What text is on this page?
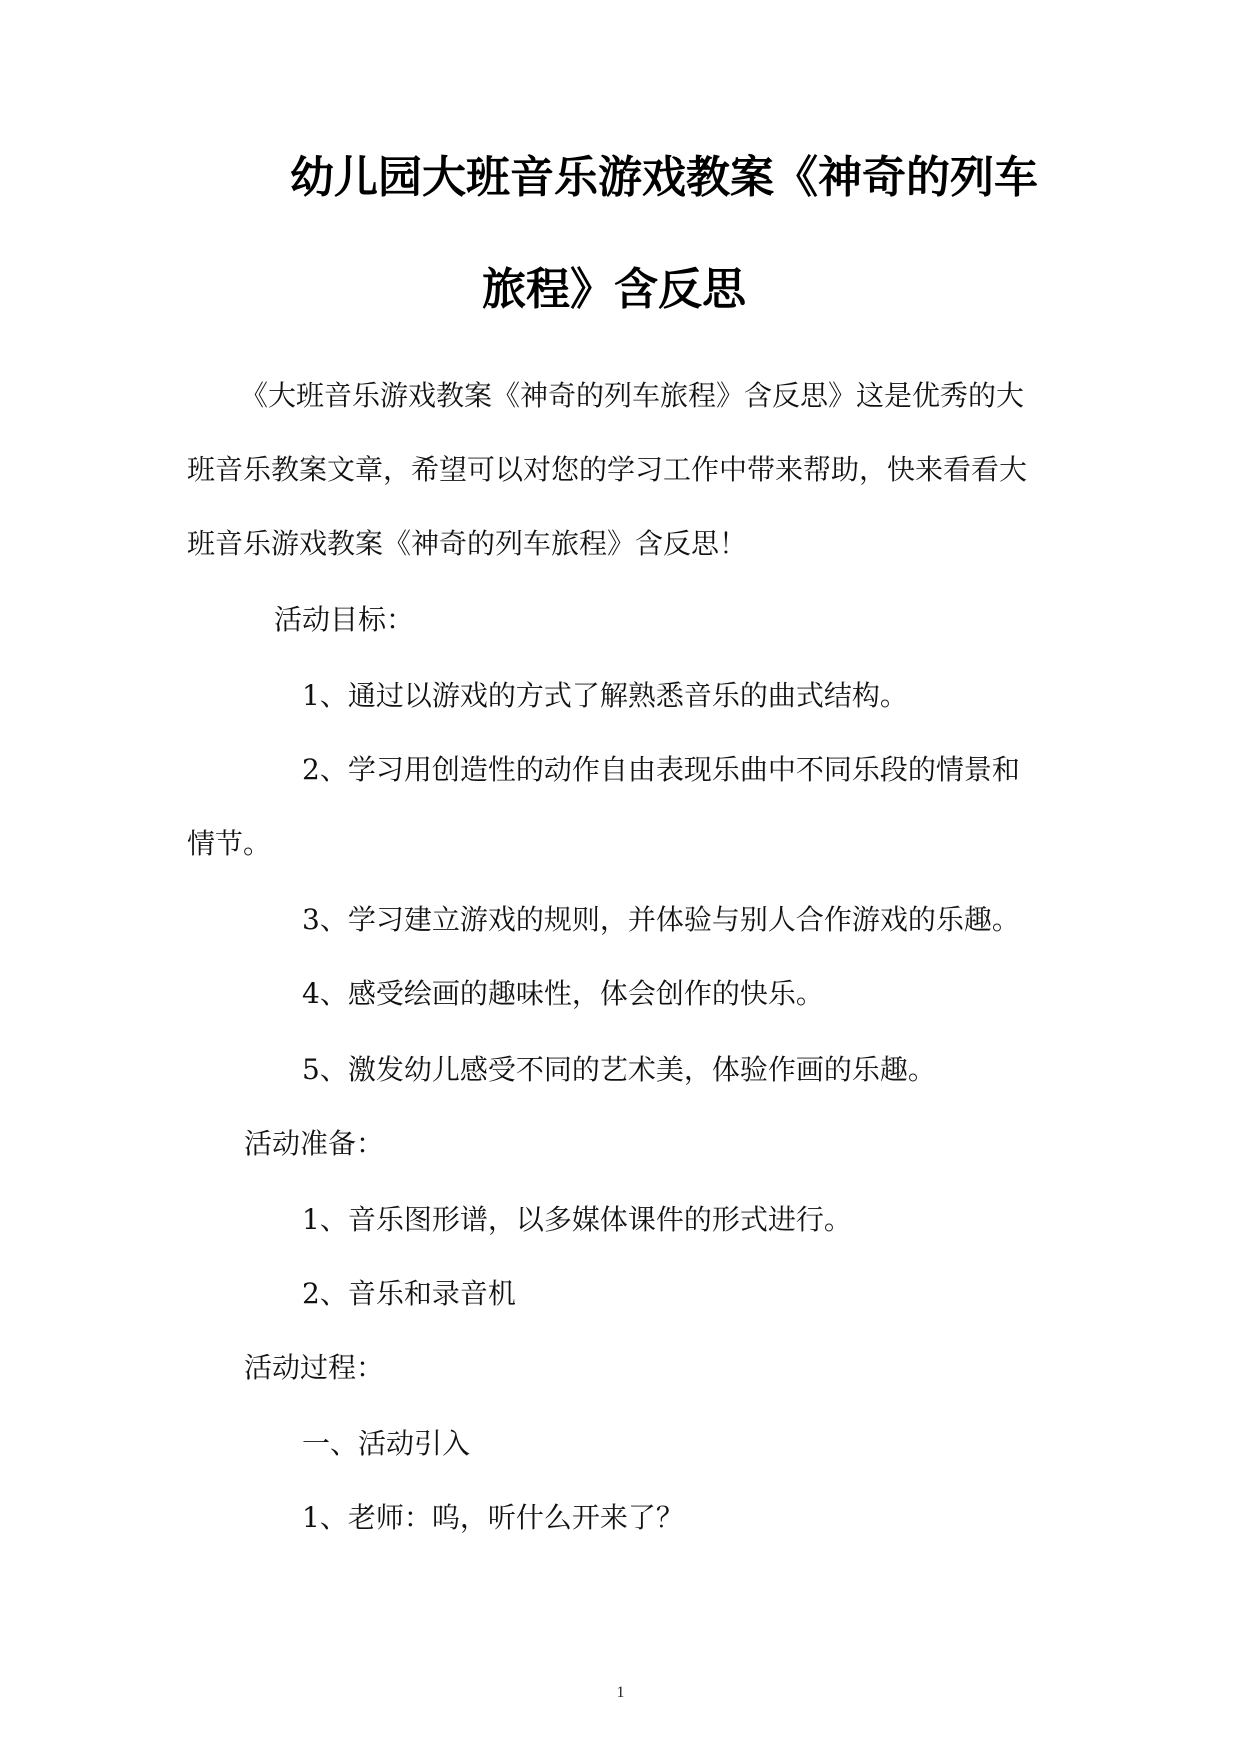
幼儿园大班音乐游戏教案《神奇的列车
旅程》含反思
《大班音乐游戏教案《神奇的列车旅程》含反思》这是优秀的大
班音乐教案文章，希望可以对您的学习工作中带来帮助，快来看看大
班音乐游戏教案《神奇的列车旅程》含反思！
活动目标：
1、通过以游戏的方式了解熟悉音乐的曲式结构。
2、学习用创造性的动作自由表现乐曲中不同乐段的情景和
情节。
3、学习建立游戏的规则，并体验与别人合作游戏的乐趣。
4、感受绘画的趣味性，体会创作的快乐。
5、激发幼儿感受不同的艺术美，体验作画的乐趣。
活动准备：
1、音乐图形谱，以多媒体课件的形式进行。
2、音乐和录音机
活动过程：
一、活动引入
1、老师：呜，听什么开来了？
1
